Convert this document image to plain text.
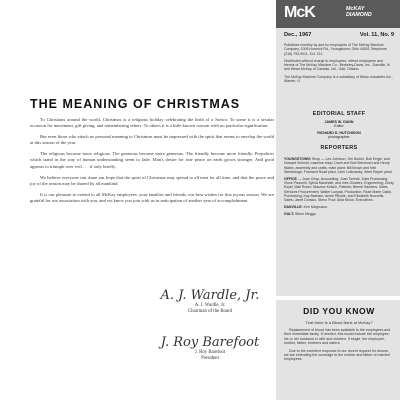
THE MEANING OF CHRISTMAS

To Christians around the world, Christmas is a religious holiday celebrating the birth of a Savior. To some it is a secular occasion for merriment, gift giving, and remembering others. To others it is a little known custom with no particular signification.

But even those who attach no personal meaning to Christmas must be impressed with the spirit that seems to envelop the world at this season of the year.

The religious become more religious. The generous become more generous. The friendly become more friendly. Prejudices which stand in the way of human understanding seem to fade. Man's desire for true peace on earth grows stronger. And good appears to triumph over evil . . . if only briefly.

We believe everyone can share our hope that the spirit of Christmas may spread to all men for all time, and that the peace and joy of the season may be shared by all mankind.

It is our pleasure to extend to all McKay employees, your families and friends, our best wishes for this joyous season. We are grateful for our association with you, and we know you join with us in anticipation of another year of accomplishment.

A. J. Wardle, Jr.
A. J. Wardle, Jr.
Chairman of the Board
J. Roy Barefoot
J. Roy Barefoot
President
McK	McKAY
DIAMOND
Dec., 1967	Vol. 11, No. 9

Published monthly by and for employees of The McKay Machine Company, 1005 Hornrick Rd., Youngstown, Ohio 44501 Telephone (216) 793-9011, Ext. 211.

Distributed without charge to employees, retired employees and friends of The McKay Machine Co., Berkeley-Davis, Inc., Danville, Ill. and Wean-McKay of Canada, Ltd., Galt, Ontario.

The McKay Machine Company is a subsidiary of Wean Industries Inc., Warren, O.

EDITORIAL STAFF
JAMES W. DUNN
Editor
RICHARD D. HUTCHISON
photographer
REPORTERS

YOUNGSTOWN: Shop — Les Johnson, Jim Durkin, Bob Engle, and Howard Schmid, machine shop; Dave and Bob Brenhosh and Henry Walsh, assembly and crafts, main plant; Bill Brown and Neil Stembaugh, Foreland Road plant, John Lotkowsky, West Rayen plant.

OFFICE — Joan Crisp, Accounting; Joan Toresik, Data Processing; Vince Pizzuelli, Sylvia Marchetti, and Ines Glowers, Engineering; Cindy Esyel, Mail Room; Maurice Kelsch, Patents; Bernie Sanders, Sales Services Procurement; Walter Lunyak, Production; Rose Marie Cialla, Purchasing; Kay Basham, Annie Ritchie, and Elizabeth Nouvelis, Sales; Janet Dunsko, Steno Pool; Alda Nixon, Executives.

DANVILLE: Ken Magnuson.

GALT: Steve Meggs.

DID YOU KNOW
That there is a Blood Bank at McKay?

Replacement of blood has been available to the employees and their immediate family. If needed, this would include the employee, his or her husband or wife and children. If single, the employee, mother, father, brothers and sisters.

Due to the excellent response to our recent request for donors, we are extending the coverage to the mother and father of married employees.
